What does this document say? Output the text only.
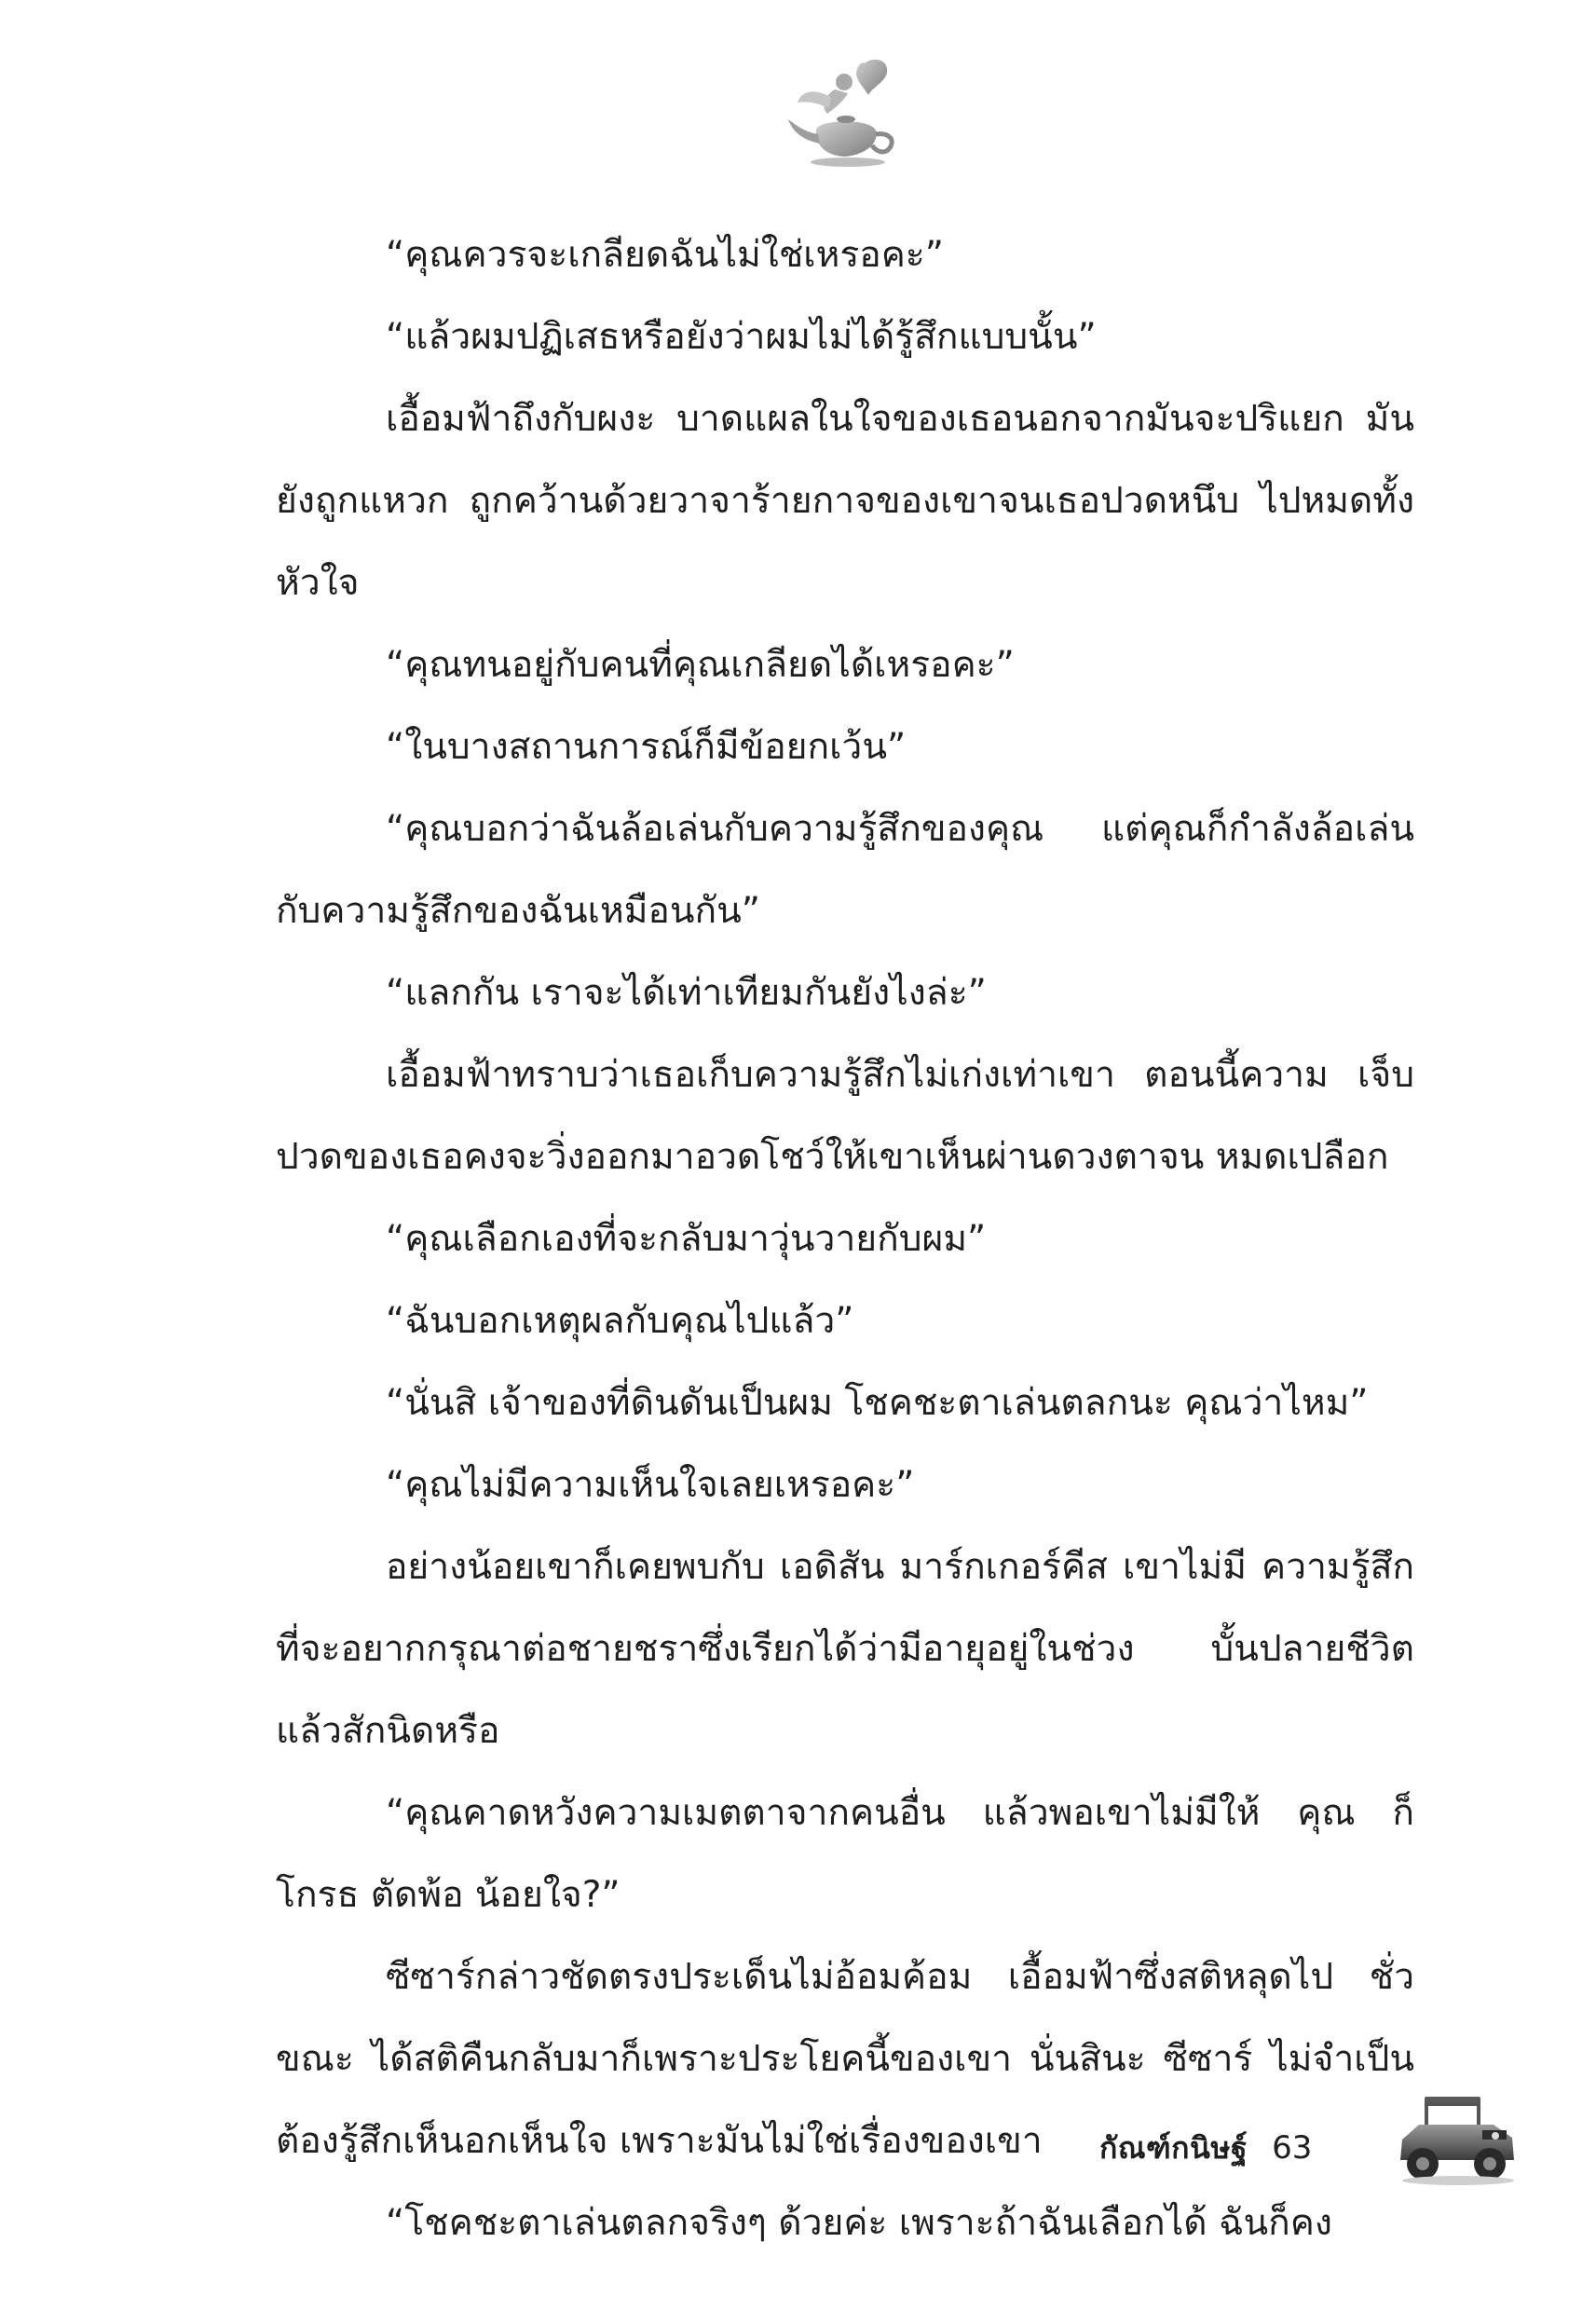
“คุณควรจะเกลียดฉันไม่ใช่เหรอคะ”

“แล้วผมปฏิเสธหรือยังว่าผมไม่ได้รู้สึกแบบนั้น”

เอื้อมฟ้าถึงกับผงะ บาดแผลในใจของเธอนอกจากมันจะปริแยก มันยังถูกแหวก ถูกคว้านด้วยวาจาร้ายกาจของเขาจนเธอปวดหนึบ ไปหมดทั้งหัวใจ

“คุณทนอยู่กับคนที่คุณเกลียดได้เหรอคะ”

“ในบางสถานการณ์ก็มีข้อยกเว้น”

“คุณบอกว่าฉันล้อเล่นกับความรู้สึกของคุณ แต่คุณก็กำลังล้อเล่น กับความรู้สึกของฉันเหมือนกัน”

“แลกกัน เราจะได้เท่าเทียมกันยังไงล่ะ”

เอื้อมฟ้าทราบว่าเธอเก็บความรู้สึกไม่เก่งเท่าเขา ตอนนี้ความ เจ็บปวดของเธอคงจะวิ่งออกมาอวดโชว์ให้เขาเห็นผ่านดวงตาจน หมดเปลือก

“คุณเลือกเองที่จะกลับมาวุ่นวายกับผม”

“ฉันบอกเหตุผลกับคุณไปแล้ว”

“นั่นสิ เจ้าของที่ดินดันเป็นผม โชคชะตาเล่นตลกนะ คุณว่าไหม”

“คุณไม่มีความเห็นใจเลยเหรอคะ”

อย่างน้อยเขาก็เคยพบกับ เอดิสัน มาร์กเกอร์คีส เขาไม่มี ความรู้สึกที่จะอยากกรุณาต่อชายชราซึ่งเรียกได้ว่ามีอายุอยู่ในช่วง บั้นปลายชีวิตแล้วสักนิดหรือ

“คุณคาดหวังความเมตตาจากคนอื่น แล้วพอเขาไม่มีให้ คุณ ก็โกรธ ตัดพ้อ น้อยใจ?”

ซีซาร์กล่าวชัดตรงประเด็นไม่อ้อมค้อม เอื้อมฟ้าซึ่งสติหลุดไป ชั่วขณะ ได้สติคืนกลับมาก็เพราะประโยคนี้ของเขา นั่นสินะ ซีซาร์ ไม่จำเป็นต้องรู้สึกเห็นอกเห็นใจ เพราะมันไม่ใช่เรื่องของเขา

“โชคชะตาเล่นตลกจริงๆ ด้วยค่ะ เพราะถ้าฉันเลือกได้ ฉันก็คง

กัณฑ์กนิษฐ์ 63
